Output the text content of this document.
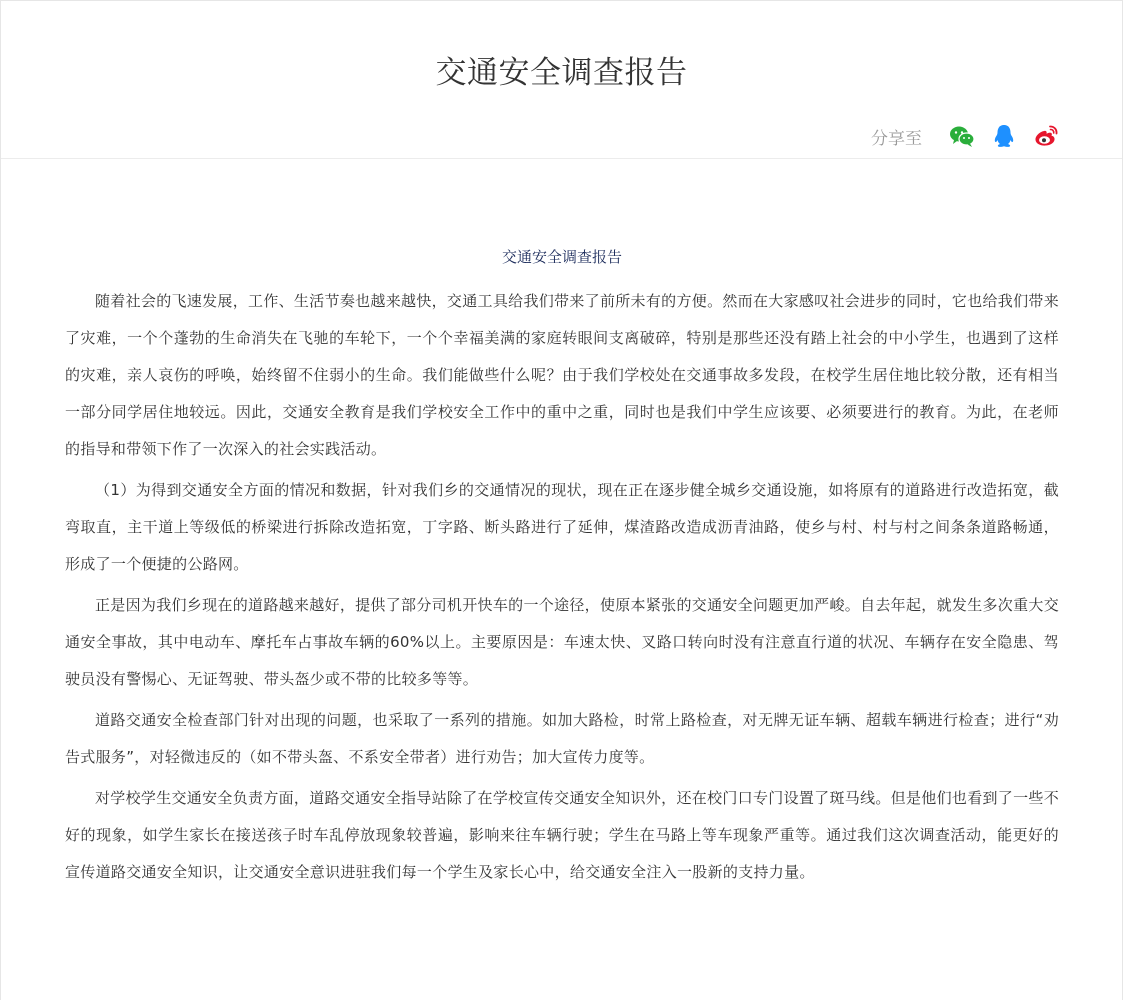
交通安全调查报告
分享至
交通安全调查报告

随着社会的飞速发展，工作、生活节奏也越来越快，交通工具给我们带来了前所未有的方便。然而在大家感叹社会进步的同时，它也给我们带来了灾难，一个个蓬勃的生命消失在飞驰的车轮下，一个个幸福美满的家庭转眼间支离破碎，特别是那些还没有踏上社会的中小学生，也遇到了这样的灾难，亲人哀伤的呼唤，始终留不住弱小的生命。我们能做些什么呢？由于我们学校处在交通事故多发段，在校学生居住地比较分散，还有相当一部分同学居住地较远。因此，交通安全教育是我们学校安全工作中的重中之重，同时也是我们中学生应该要、必须要进行的教育。为此，在老师的指导和带领下作了一次深入的社会实践活动。

（1）为得到交通安全方面的情况和数据，针对我们乡的交通情况的现状，现在正在逐步健全城乡交通设施，如将原有的道路进行改造拓宽，截弯取直，主干道上等级低的桥梁进行拆除改造拓宽，丁字路、断头路进行了延伸，煤渣路改造成沥青油路，使乡与村、村与村之间条条道路畅通，形成了一个便捷的公路网。

正是因为我们乡现在的道路越来越好，提供了部分司机开快车的一个途径，使原本紧张的交通安全问题更加严峻。自去年起，就发生多次重大交通安全事故，其中电动车、摩托车占事故车辆的60%以上。主要原因是：车速太快、叉路口转向时没有注意直行道的状况、车辆存在安全隐患、驾驶员没有警惕心、无证驾驶、带头盔少或不带的比较多等等。

道路交通安全检查部门针对出现的问题，也采取了一系列的措施。如加大路检，时常上路检查，对无牌无证车辆、超载车辆进行检查；进行“劝告式服务”，对轻微违反的（如不带头盔、不系安全带者）进行劝告；加大宣传力度等。

对学校学生交通安全负责方面，道路交通安全指导站除了在学校宣传交通安全知识外，还在校门口专门设置了斑马线。但是他们也看到了一些不好的现象，如学生家长在接送孩子时车乱停放现象较普遍，影响来往车辆行驶；学生在马路上等车现象严重等。通过我们这次调查活动，能更好的宣传道路交通安全知识，让交通安全意识进驻我们每一个学生及家长心中，给交通安全注入一股新的支持力量。
